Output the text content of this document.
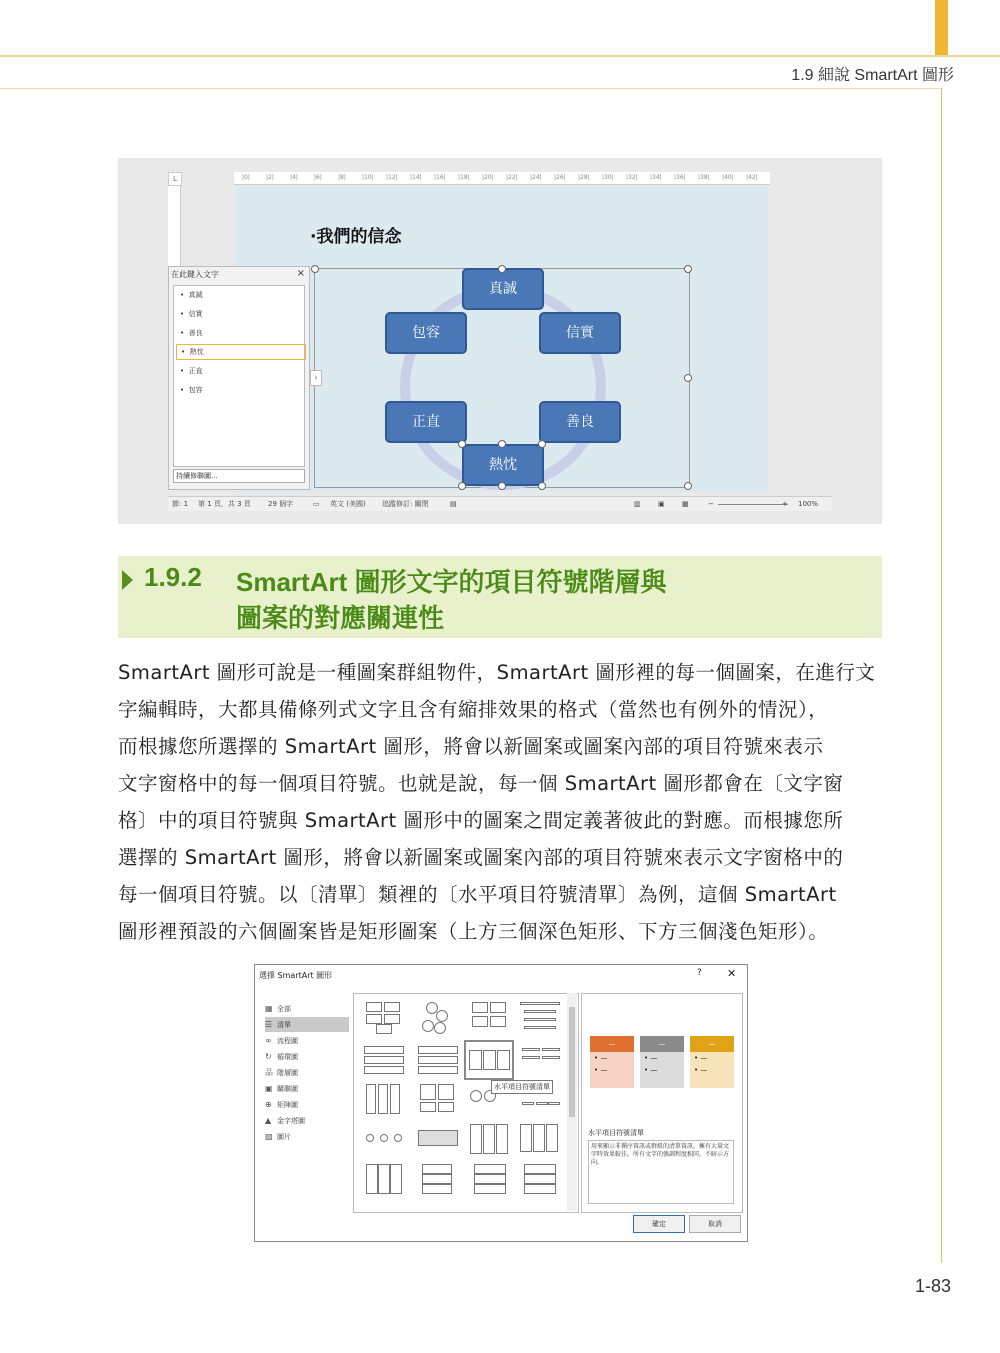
1.9 細說 SmartArt 圖形
L	|0|	|2|	|4|	|6|	|8|	|10| |12| |14| |16| |18| |20| |22| |24| |26| |28| |30| |32| |34| |36| |38| |40| |42|
·我們的信念
真誠
信實
善良
熱忱
正直
包容
在此鍵入文字	×
•  真誠
•  信實
•  善良
•  熱忱
•  正直
•  包容
持續修聯圖...
›
節: 1 第 1 頁，共 3 頁 29 個字	▭ 英文 (美國) 追蹤修訂: 關閉	▤	▥ ▣ ▦	−	+ 100%
1.9.2 SmartArt 圖形文字的項目符號階層與
圖案的對應關連性
SmartArt 圖形可說是一種圖案群組物件，SmartArt 圖形裡的每一個圖案，在進行文
字編輯時，大都具備條列式文字且含有縮排效果的格式（當然也有例外的情況），
而根據您所選擇的 SmartArt 圖形，將會以新圖案或圖案內部的項目符號來表示
文字窗格中的每一個項目符號。也就是說，每一個 SmartArt 圖形都會在〔文字窗
格〕中的項目符號與 SmartArt 圖形中的圖案之間定義著彼此的對應。而根據您所
選擇的 SmartArt 圖形，將會以新圖案或圖案內部的項目符號來表示文字窗格中的
每一個項目符號。以〔清單〕類裡的〔水平項目符號清單〕為例，這個 SmartArt
圖形裡預設的六個圖案皆是矩形圖案（上方三個深色矩形、下方三個淺色矩形）。
選擇 SmartArt 圖形	? ✕
▦ 全部
☰ 清單
∞ 流程圖
↻ 循環圖
品 階層圖
▣ 關聯圖
⊕ 矩陣圖
▲ 金字塔圖
▨ 圖片
水平項目符號清單
—
• —
• —
—
• —
• —
—
• —
• —
水平項目符號清單
用來顯示非循序資訊或群組的清單資訊。擁有大量文字時效果較佳。所有文字的強調程度相同，不暗示方向。
確定	取消
1-83
